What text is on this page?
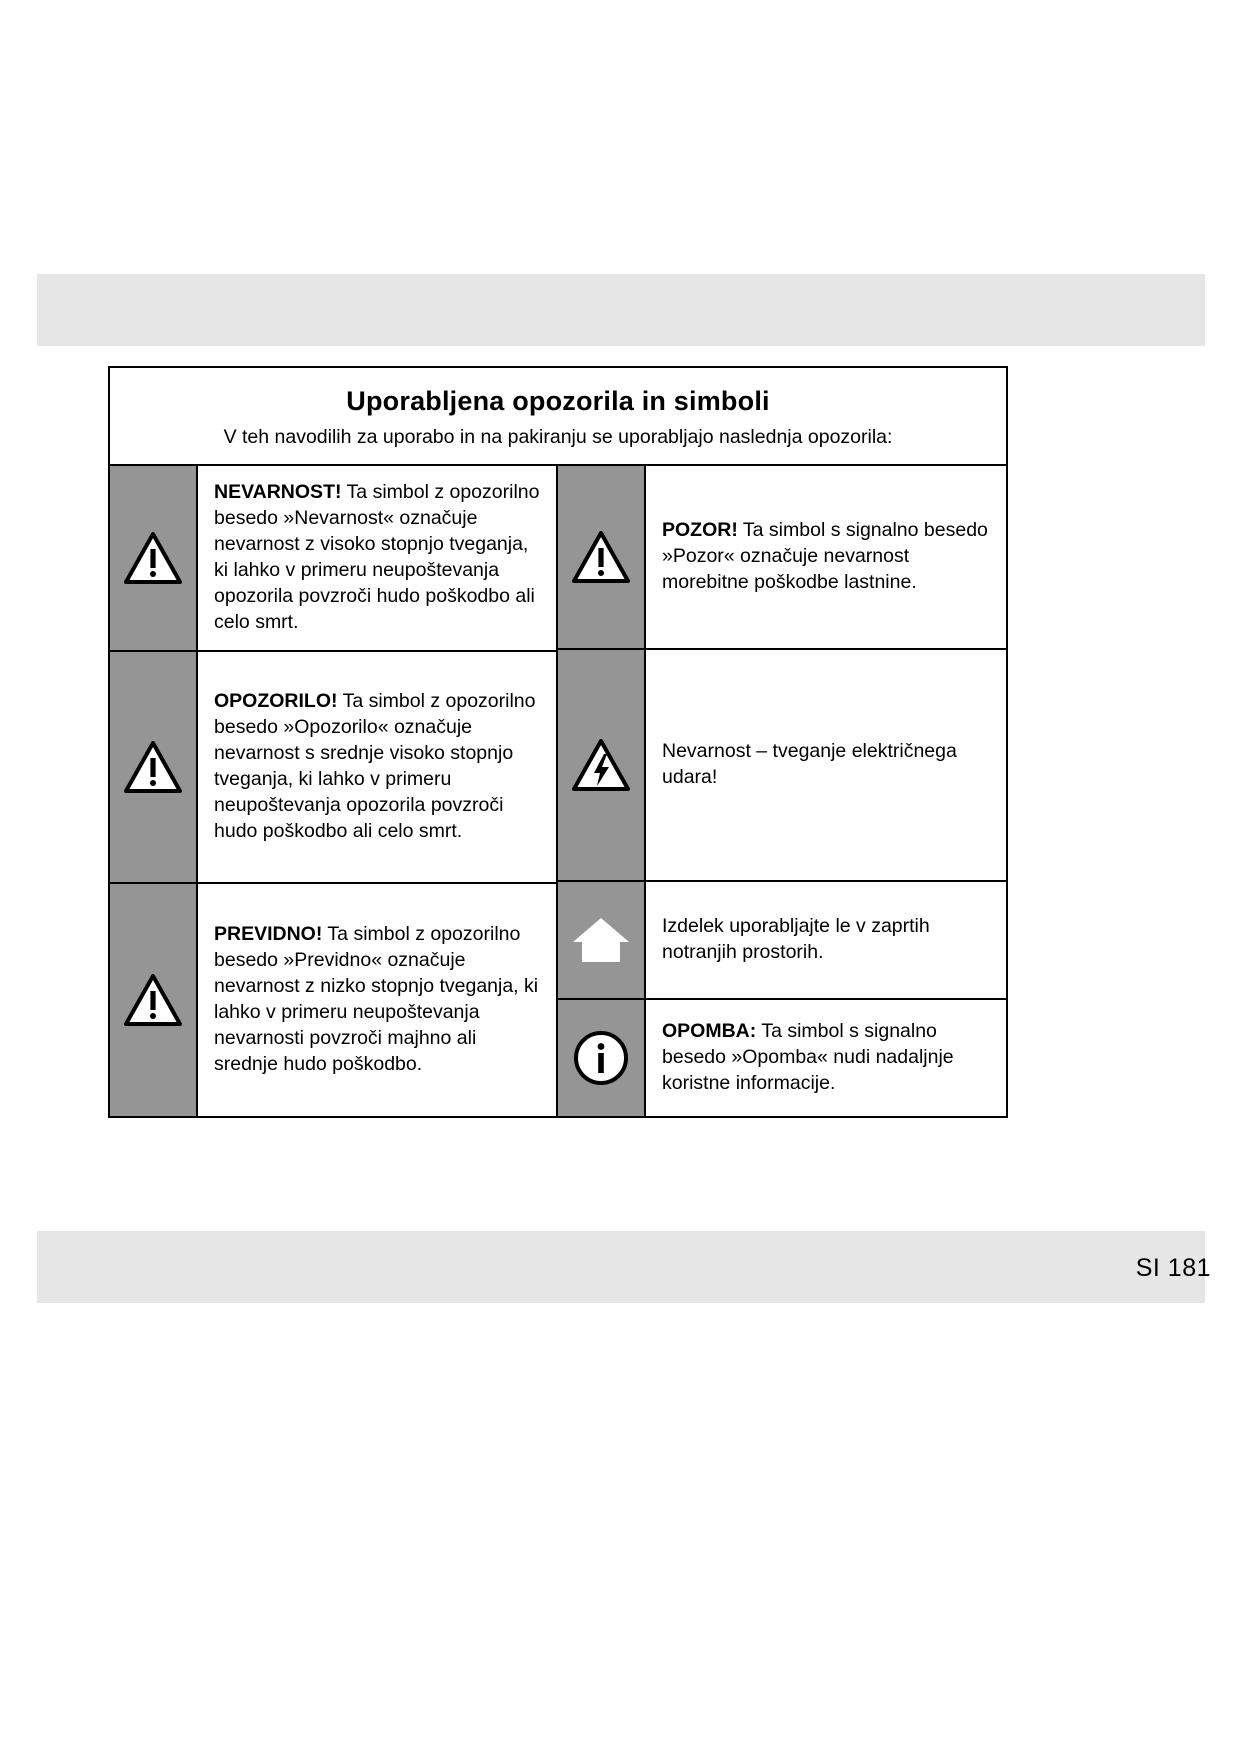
Uporabljena opozorila in simboli
V teh navodilih za uporabo in na pakiranju se uporabljajo naslednja opozorila:

NEVARNOST! Ta simbol z opozorilno besedo »Nevarnost« označuje nevarnost z visoko stopnjo tveganja, ki lahko v primeru neupoštevanja opozorila povzroči hudo poškodbo ali celo smrt.

OPOZORILO! Ta simbol z opozorilno besedo »Opozorilo« označuje nevarnost s srednje visoko stopnjo tveganja, ki lahko v primeru neupoštevanja opozorila povzroči hudo poškodbo ali celo smrt.

PREVIDNO! Ta simbol z opozorilno besedo »Previdno« označuje nevarnost z nizko stopnjo tveganja, ki lahko v primeru neupoštevanja nevarnosti povzroči majhno ali srednje hudo poškodbo.

POZOR! Ta simbol s signalno besedo »Pozor« označuje nevarnost morebitne poškodbe lastnine.

Nevarnost – tveganje električnega udara!

Izdelek uporabljajte le v zaprtih notranjih prostorih.

OPOMBA: Ta simbol s signalno besedo »Opomba« nudi nadaljnje koristne informacije.

SI 181
